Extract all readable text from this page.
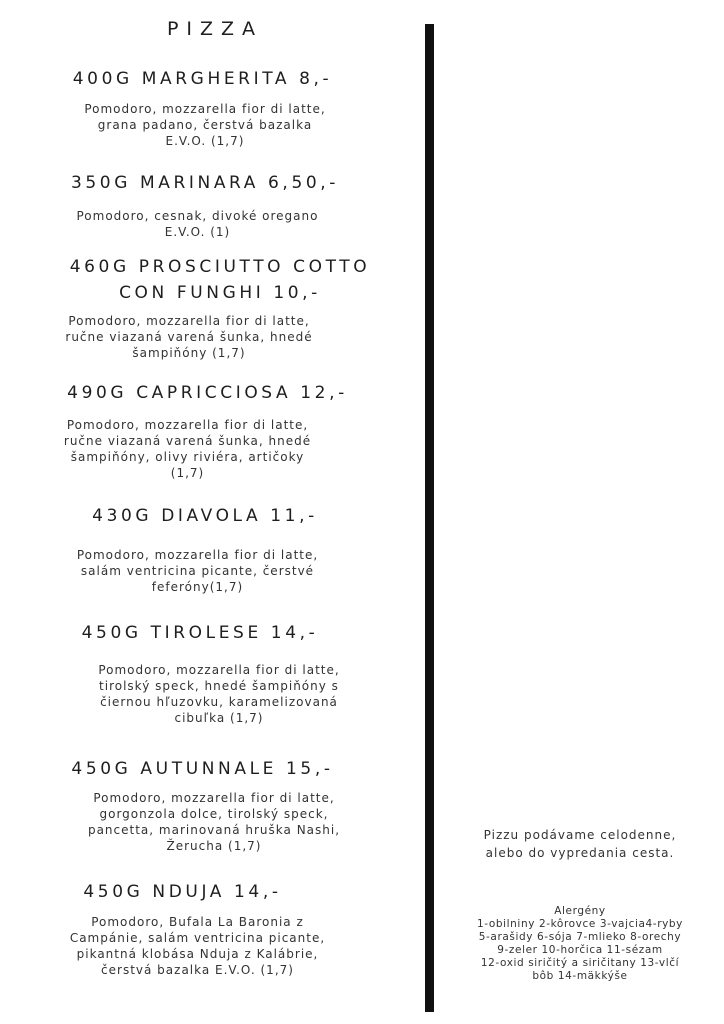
PIZZA
400G MARGHERITA 8,-
Pomodoro, mozzarella fior di latte,
grana padano, čerstvá bazalka
E.V.O. (1,7)
350G MARINARA 6,50,-
Pomodoro, cesnak, divoké oregano
E.V.O. (1)
460G PROSCIUTTO COTTO
CON FUNGHI 10,-
Pomodoro, mozzarella fior di latte,
ručne viazaná varená šunka, hnedé
šampiňóny (1,7)
490G CAPRICCIOSA 12,-
Pomodoro, mozzarella fior di latte,
ručne viazaná varená šunka, hnedé
šampiňóny, olivy riviéra, artičoky
(1,7)
430G DIAVOLA 11,-
Pomodoro, mozzarella fior di latte,
salám ventricina picante, čerstvé
feferóny(1,7)
450G TIROLESE 14,-
Pomodoro, mozzarella fior di latte,
tirolský speck, hnedé šampiňóny s
čiernou hľuzovku, karamelizovaná
cibuľka (1,7)
450G AUTUNNALE 15,-
Pomodoro, mozzarella fior di latte,
gorgonzola dolce, tirolský speck,
pancetta, marinovaná hruška Nashi,
Žerucha (1,7)
450G NDUJA 14,-
Pomodoro, Bufala La Baronia z
Campánie, salám ventricina picante,
pikantná klobása Nduja z Kalábrie,
čerstvá bazalka E.V.O. (1,7)
Pizzu podávame celodenne,
alebo do vypredania cesta.
Alergény
1-obilniny 2-kôrovce 3-vajcia4-ryby
5-arašidy 6-sója 7-mlieko 8-orechy
9-zeler 10-horčica 11-sézam
12-oxid siričitý a siričitany 13-vlčí
bôb 14-mäkkýše
